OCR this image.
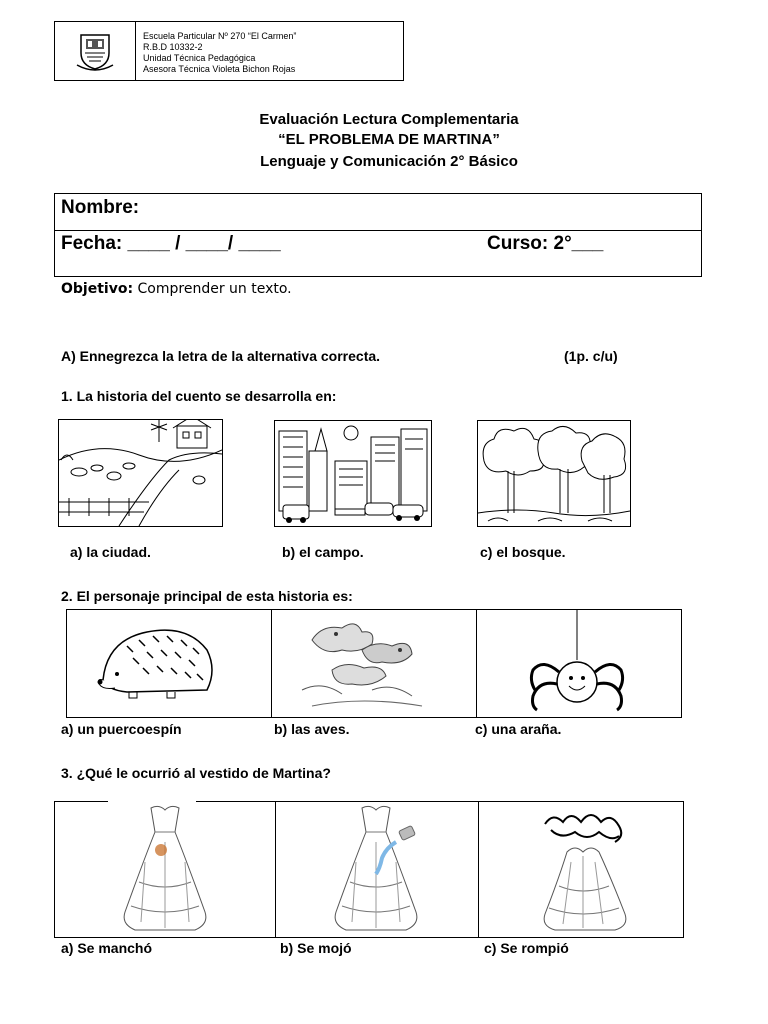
Escuela Particular Nº 270 “El Carmen”
R.B.D 10332-2
Unidad Técnica Pedagógica
Asesora Técnica Violeta Bichon Rojas
Evaluación Lectura Complementaria
“EL PROBLEMA DE MARTINA”
Lenguaje y Comunicación 2° Básico
Nombre:
Fecha: ____ / ____/ ____	Curso: 2°___
Objetivo: Comprender un texto.
A) Ennegrezca la letra de la alternativa correcta.	(1p. c/u)
1. La historia del cuento se desarrolla en:
a) la ciudad.	b) el campo.	c) el bosque.
2. El personaje principal de esta historia es:
a) un puercoespín	b) las aves.	c) una araña.
3. ¿Qué le ocurrió al vestido de Martina?
a) Se manchó	b) Se mojó	c) Se rompió
